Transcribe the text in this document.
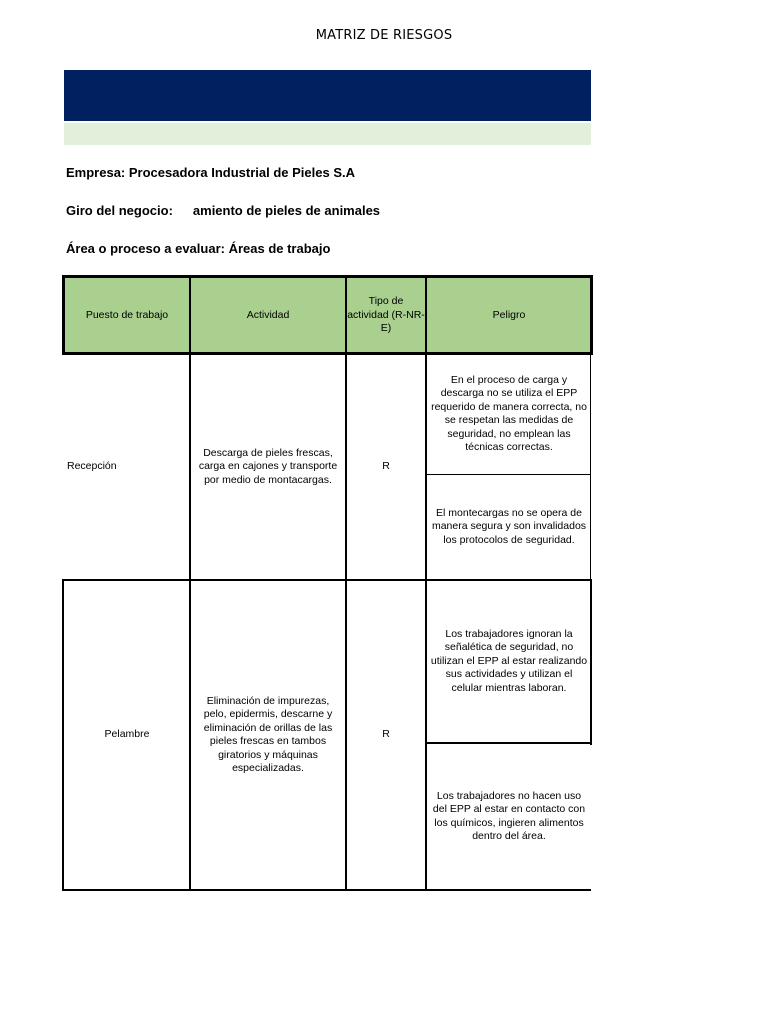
MATRIZ DE RIESGOS
Empresa: Procesadora Industrial de Pieles S.A
Giro del negocio: amiento de pieles de animales
Área o proceso a evaluar: Áreas de trabajo
Puesto de trabajo	Actividad
Tipo de actividad (R-NR-E)
Peligro
Recepción
Descarga de pieles frescas, carga en cajones y transporte por medio de montacargas.
R
En el proceso de carga y descarga no se utiliza el EPP requerido de manera correcta, no se respetan las medidas de seguridad, no emplean las técnicas correctas.
El montecargas no se opera de manera segura y son invalidados los protocolos de seguridad.
Pelambre
Eliminación de impurezas, pelo, epidermis, descarne y eliminación de orillas de las pieles frescas en tambos giratorios y máquinas especializadas.
R
Los trabajadores ignoran la señalética de seguridad, no utilizan el EPP al estar realizando sus actividades y utilizan el celular mientras laboran.
Los trabajadores no hacen uso del EPP al estar en contacto con los químicos, ingieren alimentos dentro del área.
